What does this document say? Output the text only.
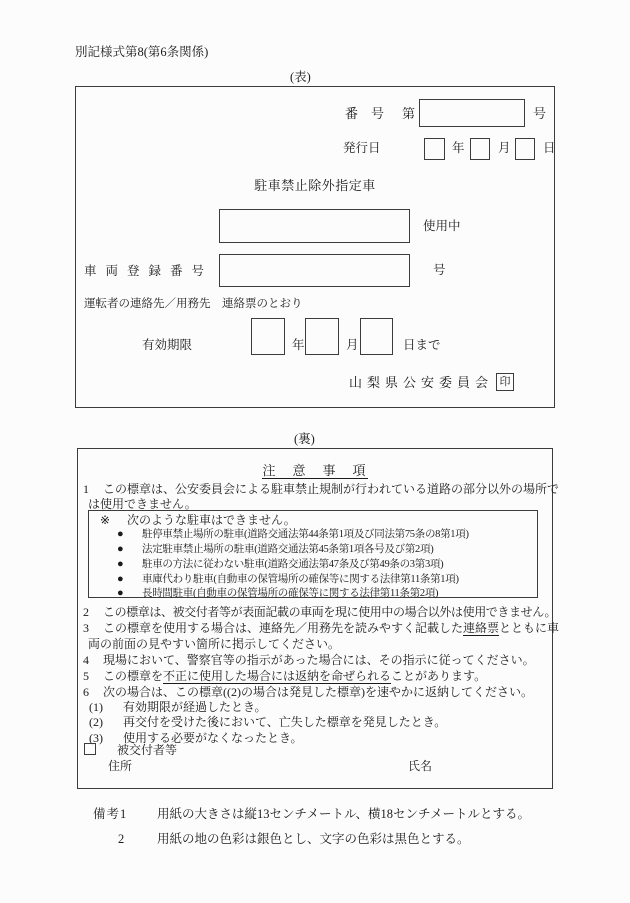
別記様式第8(第6条関係)
(表)
番　号 第	号
発行日	年	月	日
駐車禁止除外指定車
使用中
車両登録番号	号
運転者の連絡先／用務先　連絡票のとおり
有効期限	年	月	日まで
山梨県公安委員会 印
(裏)
注　意　事　項
1 この標章は、公安委員会による駐車禁止規制が行われている道路の部分以外の場所で
は使用できません。
※ 次のような駐車はできません。
● 駐停車禁止場所の駐車(道路交通法第44条第1項及び同法第75条の8第1項)
● 法定駐車禁止場所の駐車(道路交通法第45条第1項各号及び第2項)
● 駐車の方法に従わない駐車(道路交通法第47条及び第49条の3第3項)
● 車庫代わり駐車(自動車の保管場所の確保等に関する法律第11条第1項)
● 長時間駐車(自動車の保管場所の確保等に関する法律第11条第2項)
2 この標章は、被交付者等が表面記載の車両を現に使用中の場合以外は使用できません。
3 この標章を使用する場合は、連絡先／用務先を読みやすく記載した連絡票とともに車
両の前面の見やすい箇所に掲示してください。
4 現場において、警察官等の指示があった場合には、その指示に従ってください。
5 この標章を不正に使用した場合には返納を命ぜられることがあります。
6 次の場合は、この標章((2)の場合は発見した標章)を速やかに返納してください。
(1) 有効期限が経過したとき。
(2) 再交付を受けた後において、亡失した標章を発見したとき。
(3) 使用する必要がなくなったとき。
被交付者等
住所	氏名
備考1 用紙の大きさは縦13センチメートル、横18センチメートルとする。
2	用紙の地の色彩は銀色とし、文字の色彩は黒色とする。
